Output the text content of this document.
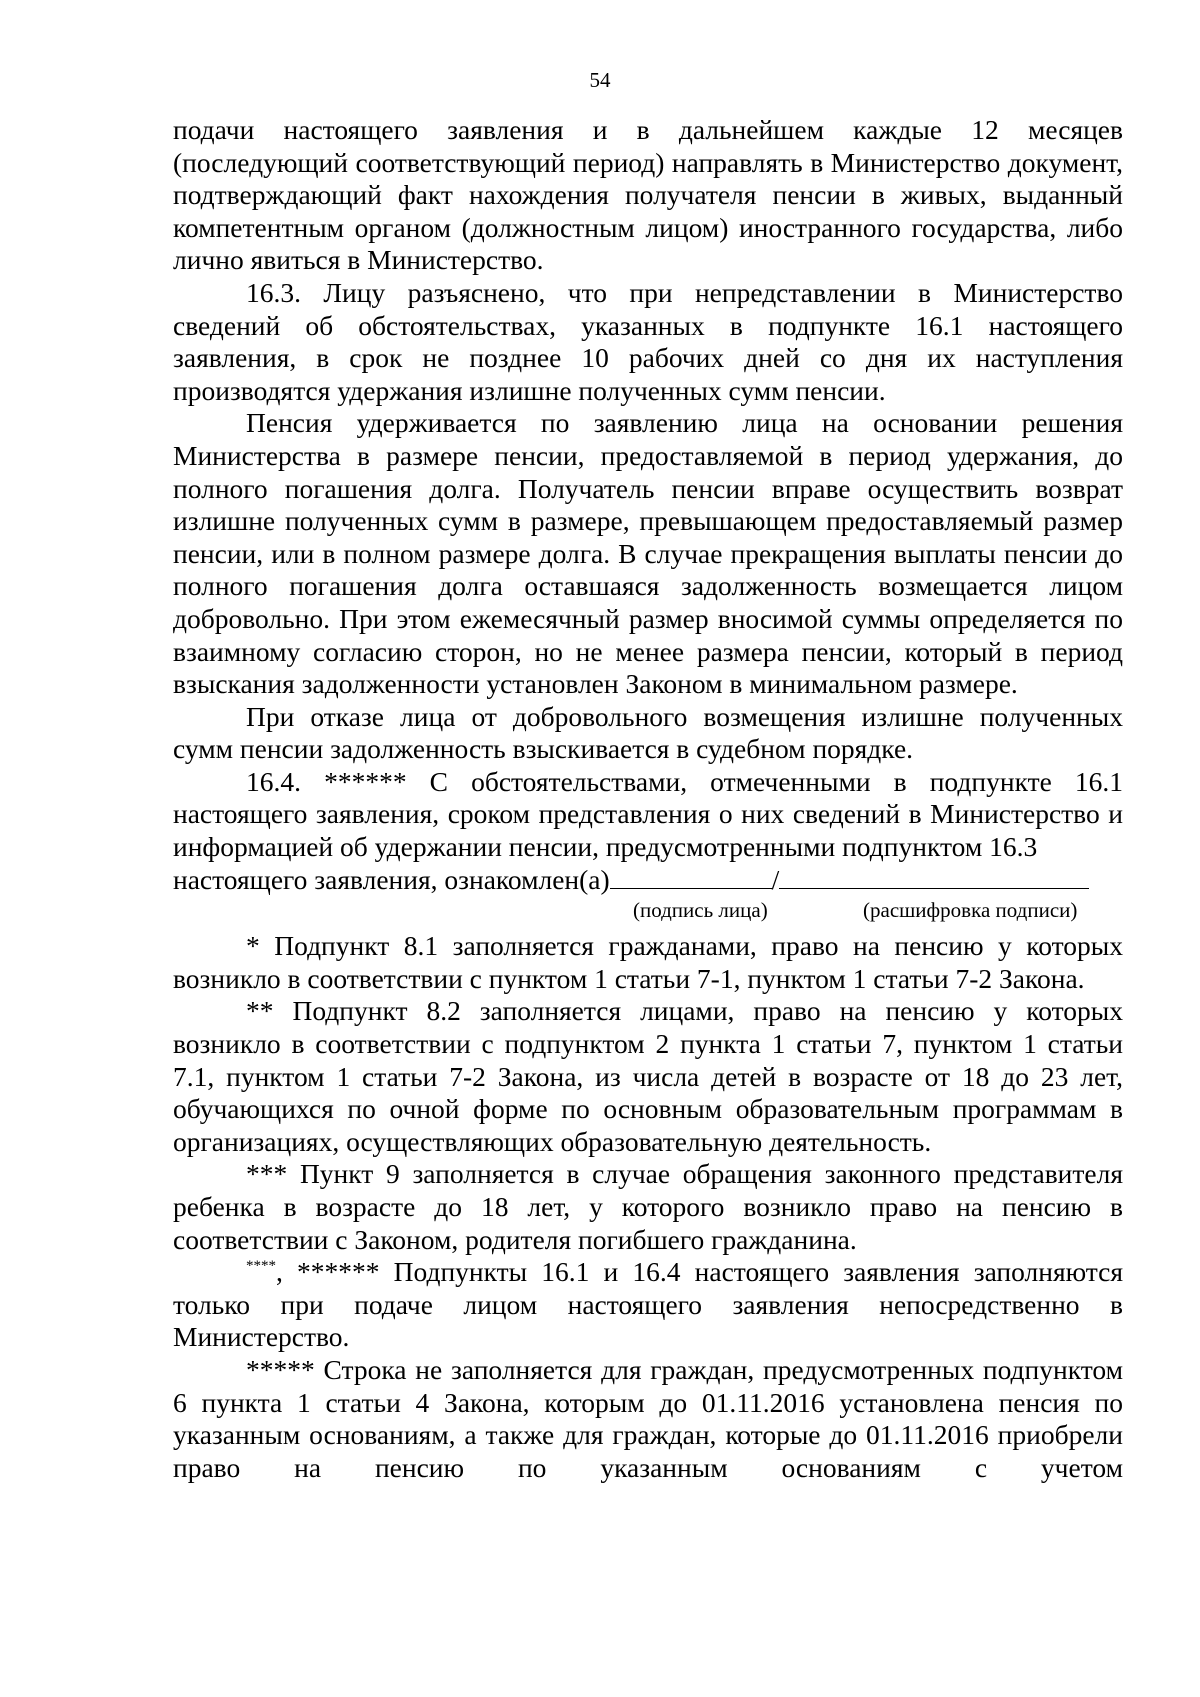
54

подачи настоящего заявления и в дальнейшем каждые 12 месяцев (последующий соответствующий период) направлять в Министерство документ, подтверждающий факт нахождения получателя пенсии в живых, выданный компетентным органом (должностным лицом) иностранного государства, либо лично явиться в Министерство.

16.3. Лицу разъяснено, что при непредставлении в Министерство сведений об обстоятельствах, указанных в подпункте 16.1 настоящего заявления, в срок не позднее 10 рабочих дней со дня их наступления производятся удержания излишне полученных сумм пенсии.

Пенсия удерживается по заявлению лица на основании решения Министерства в размере пенсии, предоставляемой в период удержания, до полного погашения долга. Получатель пенсии вправе осуществить возврат излишне полученных сумм в размере, превышающем предоставляемый размер пенсии, или в полном размере долга. В случае прекращения выплаты пенсии до полного погашения долга оставшаяся задолженность возмещается лицом добровольно. При этом ежемесячный размер вносимой суммы определяется по взаимному согласию сторон, но не менее размера пенсии, который в период взыскания задолженности установлен Законом в минимальном размере.

При отказе лица от добровольного возмещения излишне полученных сумм пенсии задолженность взыскивается в судебном порядке.

16.4. ****** С обстоятельствами, отмеченными в подпункте 16.1 настоящего заявления, сроком представления о них сведений в Министерство и информацией об удержании пенсии, предусмотренными подпунктом 16.3

настоящего заявления, ознакомлен(а)	/
(подпись лица)	(расшифровка подписи)

* Подпункт 8.1 заполняется гражданами, право на пенсию у которых возникло в соответствии с пунктом 1 статьи 7-1, пунктом 1 статьи 7-2 Закона.

** Подпункт 8.2 заполняется лицами, право на пенсию у которых возникло в соответствии с подпунктом 2 пункта 1 статьи 7, пунктом 1 статьи 7.1, пунктом 1 статьи 7-2 Закона, из числа детей в возрасте от 18 до 23 лет, обучающихся по очной форме по основным образовательным программам в организациях, осуществляющих образовательную деятельность.

*** Пункт 9 заполняется в случае обращения законного представителя ребенка в возрасте до 18 лет, у которого возникло право на пенсию в соответствии с Законом, родителя погибшего гражданина.

****, ****** Подпункты 16.1 и 16.4 настоящего заявления заполняются только при подаче лицом настоящего заявления непосредственно в Министерство.

***** Строка не заполняется для граждан, предусмотренных подпунктом 6 пункта 1 статьи 4 Закона, которым до 01.11.2016 установлена пенсия по указанным основаниям, а также для граждан, которые до 01.11.2016 приобрели право на пенсию по указанным основаниям с учетом
